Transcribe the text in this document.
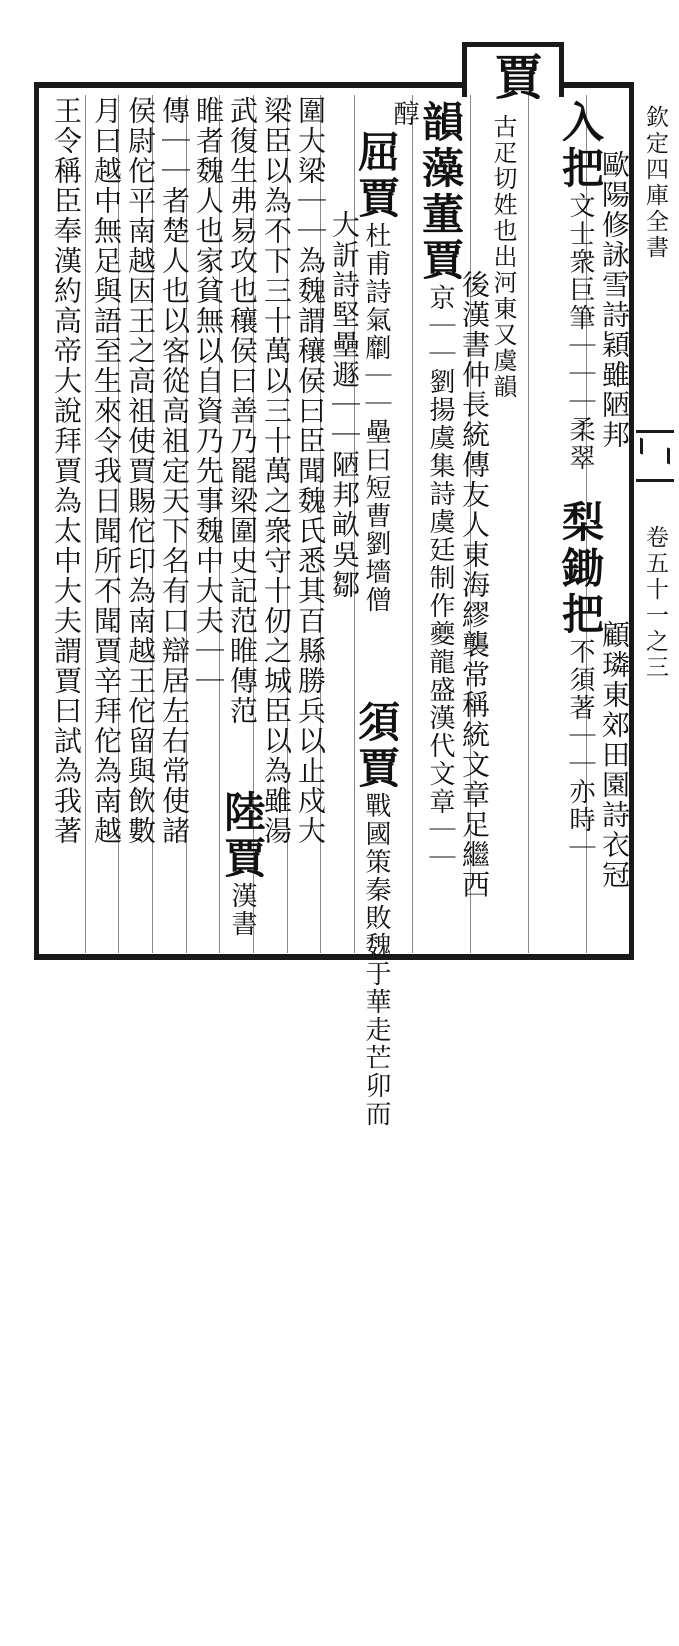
欽定四庫全書
卷五十一之三
賈
古疋切姓也出河東又虞韻 入把文士衆巨筆｜｜｜柔翠 歐陽修詠雪詩穎雖陋邦
梨鋤把不須著｜｜亦時｜ 顧璘東郊田園詩衣冠
韻藻董賈京｜｜劉揚虞集詩虞廷制作夔龍盛漢代文章｜｜ 後漢書仲長統傳友人東海繆襲常稱統文章足繼西
醇
屈賈杜甫詩氣劘｜｜壘曰短曹劉墻僧
大訢詩堅壘遯｜｜陋邦畝吳鄒
須賈戰國策秦敗魏于華走芒卯而
圍大梁｜｜為魏謂穰侯曰臣聞魏氏悉其百縣勝兵以止戍大
梁臣以為不下三十萬以三十萬之衆守十仞之城臣以為雖湯
武復生弗易攻也穰侯曰善乃罷梁圍史記范睢傳范
陸賈漢書
睢者魏人也家貧無以自資乃先事魏中大夫｜｜
傳｜｜者楚人也以客從高祖定天下名有口辯居左右常使諸
侯尉佗平南越因王之高祖使賈賜佗印為南越王佗留與飲數
月曰越中無足與語至生來令我日聞所不聞賈辛拜佗為南越
王令稱臣奉漢約高帝大說拜賈為太中大夫謂賈曰試為我著
